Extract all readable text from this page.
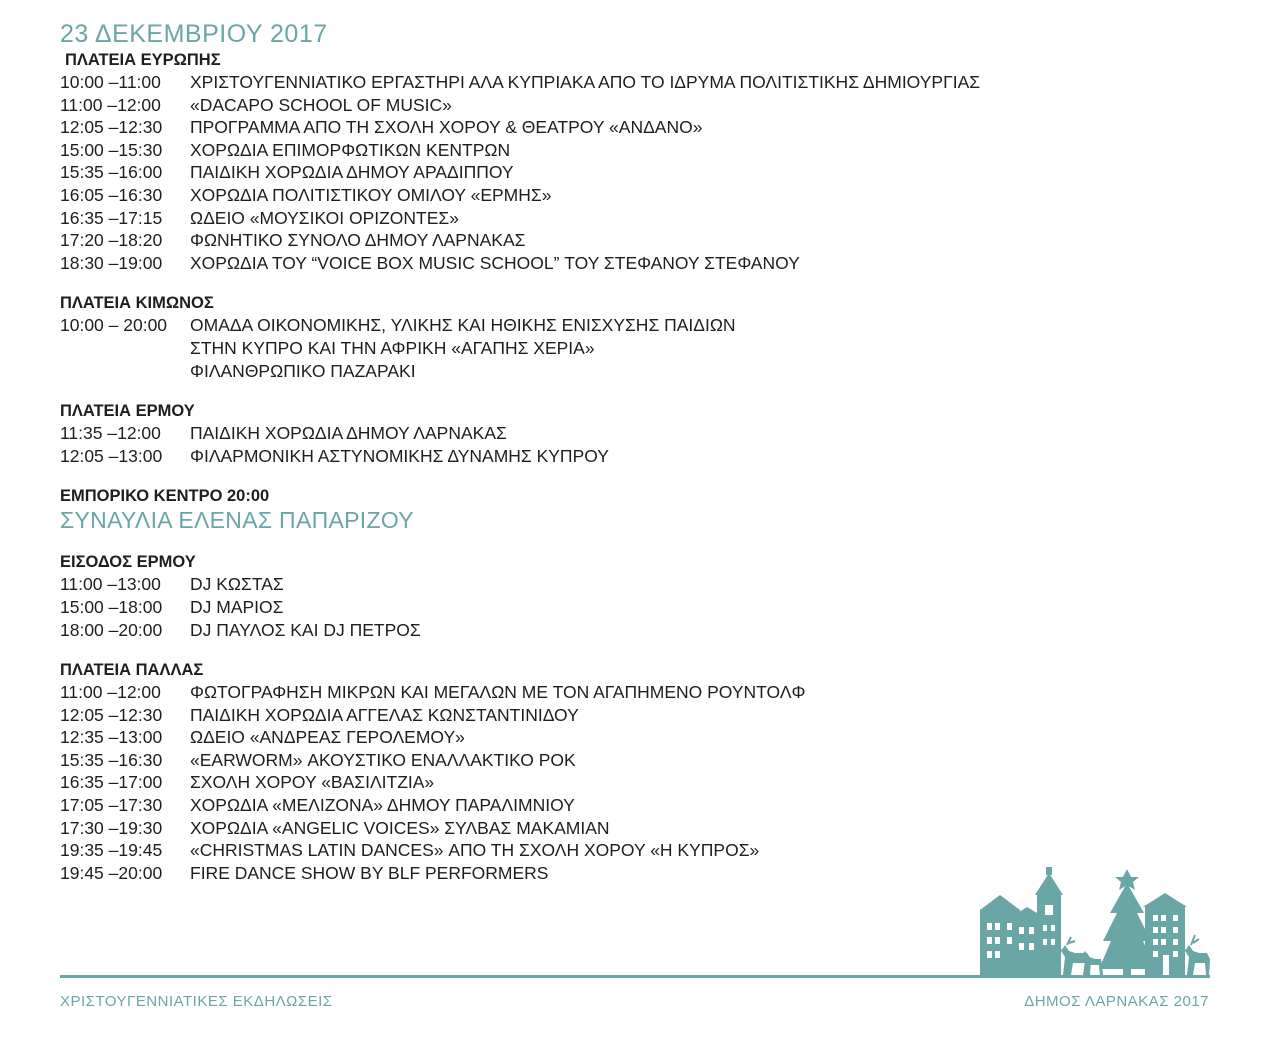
23 ΔΕΚΕΜΒΡΙΟΥ 2017
ΠΛΑΤΕΙΑ ΕΥΡΩΠΗΣ
10:00 –11:00	ΧΡΙΣΤΟΥΓΕΝΝΙΑΤΙΚΟ ΕΡΓΑΣΤΗΡΙ ΑΛΑ ΚΥΠΡΙΑΚΑ ΑΠΟ ΤΟ ΙΔΡΥΜΑ ΠΟΛΙΤΙΣΤΙΚΗΣ ΔΗΜΙΟΥΡΓΙΑΣ
11:00 –12:00	«DACAPO SCHOOL OF MUSIC»
12:05 –12:30	ΠΡΟΓΡΑΜΜΑ ΑΠΟ ΤΗ ΣΧΟΛΗ ΧΟΡΟΥ & ΘΕΑΤΡΟΥ «ΑΝΔΑΝΟ»
15:00 –15:30	ΧΟΡΩΔΙΑ ΕΠΙΜΟΡΦΩΤΙΚΩΝ ΚΕΝΤΡΩΝ
15:35 –16:00	ΠΑΙΔΙΚΗ ΧΟΡΩΔΙΑ ΔΗΜΟΥ ΑΡΑΔΙΠΠΟΥ
16:05 –16:30	ΧΟΡΩΔΙΑ ΠΟΛΙΤΙΣΤΙΚΟΥ ΟΜΙΛΟΥ «ΕΡΜΗΣ»
16:35 –17:15	ΩΔΕΙΟ «ΜΟΥΣΙΚΟΙ ΟΡΙΖΟΝΤΕΣ»
17:20 –18:20	ΦΩΝΗΤΙΚΟ ΣΥΝΟΛΟ ΔΗΜΟΥ ΛΑΡΝΑΚΑΣ
18:30 –19:00	ΧΟΡΩΔΙΑ ΤΟΥ “VOICE BOX MUSIC SCHOOL” ΤΟΥ ΣΤΕΦΑΝΟΥ ΣΤΕΦΑΝΟΥ
ΠΛΑΤΕΙΑ ΚΙΜΩΝΟΣ
10:00 – 20:00	ΟΜΑΔΑ ΟΙΚΟΝΟΜΙΚΗΣ, ΥΛΙΚΗΣ ΚΑΙ ΗΘΙΚΗΣ ΕΝΙΣΧΥΣΗΣ ΠΑΙΔΙΩΝ
ΣΤΗΝ ΚΥΠΡΟ ΚΑΙ ΤΗΝ ΑΦΡΙΚΗ «ΑΓΑΠΗΣ ΧΕΡΙΑ»
ΦΙΛΑΝΘΡΩΠΙΚΟ ΠΑΖΑΡΑΚΙ
ΠΛΑΤΕΙΑ ΕΡΜΟΥ
11:35 –12:00	ΠΑΙΔΙΚΗ ΧΟΡΩΔΙΑ ΔΗΜΟΥ ΛΑΡΝΑΚΑΣ
12:05 –13:00	ΦΙΛΑΡΜΟΝΙΚΗ ΑΣΤΥΝΟΜΙΚΗΣ ΔΥΝΑΜΗΣ ΚΥΠΡΟΥ
ΕΜΠΟΡΙΚΟ ΚΕΝΤΡΟ 20:00
ΣΥΝΑΥΛΙΑ ΕΛΕΝΑΣ ΠΑΠΑΡΙΖΟΥ
ΕΙΣΟΔΟΣ ΕΡΜΟΥ
11:00 –13:00	DJ ΚΩΣΤΑΣ
15:00 –18:00	DJ ΜΑΡΙΟΣ
18:00 –20:00	DJ ΠΑΥΛΟΣ ΚΑΙ DJ ΠΕΤΡΟΣ
ΠΛΑΤΕΙΑ ΠΑΛΛΑΣ
11:00 –12:00	ΦΩΤΟΓΡΑΦΗΣΗ ΜΙΚΡΩΝ ΚΑΙ ΜΕΓΑΛΩΝ ΜΕ ΤΟΝ ΑΓΑΠΗΜΕΝΟ ΡΟΥΝΤΟΛΦ
12:05 –12:30	ΠΑΙΔΙΚΗ ΧΟΡΩΔΙΑ ΑΓΓΕΛΑΣ ΚΩΝΣΤΑΝΤΙΝΙΔΟΥ
12:35 –13:00	ΩΔΕΙΟ «ΑΝΔΡΕΑΣ ΓΕΡΟΛΕΜΟΥ»
15:35 –16:30	«EARWORM» ΑΚΟΥΣΤΙΚΟ ΕΝΑΛΛΑΚΤΙΚΟ ΡΟΚ
16:35 –17:00	ΣΧΟΛΗ ΧΟΡΟΥ «ΒΑΣΙΛΙΤΖΙΑ»
17:05 –17:30	ΧΟΡΩΔΙΑ «ΜΕΛΙΖΟΝΑ» ΔΗΜΟΥ ΠΑΡΑΛΙΜΝΙΟΥ
17:30 –19:30	ΧΟΡΩΔΙΑ «ANGELIC VOICES» ΣΥΛΒΑΣ ΜΑΚΑΜΙΑΝ
19:35 –19:45	«CHRISTMAS LATIN DANCES» ΑΠΟ ΤΗ ΣΧΟΛΗ ΧΟΡΟΥ «Η ΚΥΠΡΟΣ»
19:45 –20:00	FIRE DANCE SHOW BY BLF PERFORMERS
ΧΡΙΣΤΟΥΓΕΝΝΙΑΤΙΚΕΣ ΕΚΔΗΛΩΣΕΙΣ	ΔΗΜΟΣ ΛΑΡΝΑΚΑΣ 2017
